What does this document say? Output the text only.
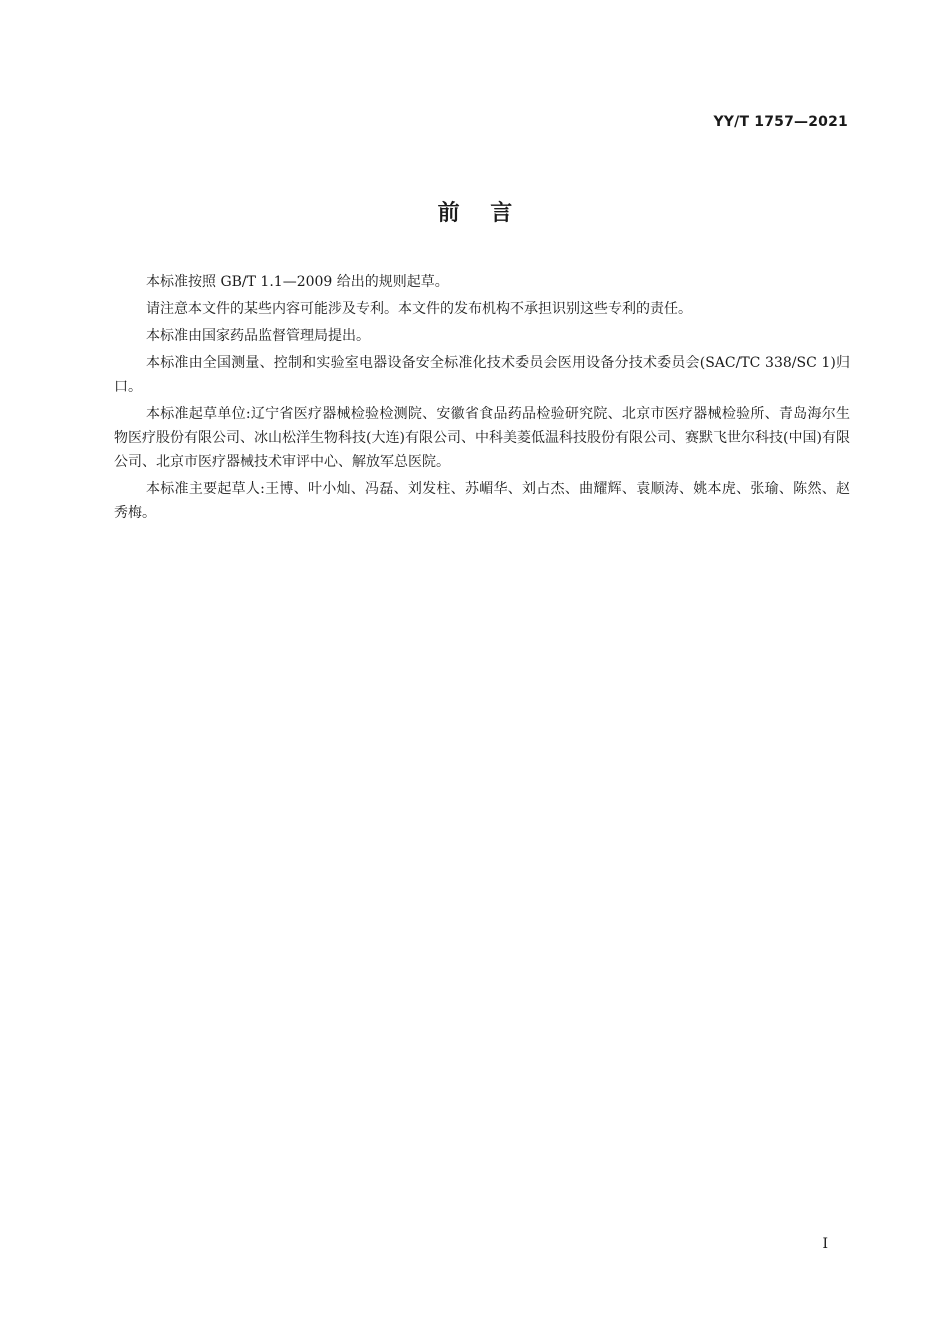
YY/T 1757—2021
前    言

本标准按照 GB/T 1.1—2009 给出的规则起草。

请注意本文件的某些内容可能涉及专利。本文件的发布机构不承担识别这些专利的责任。

本标准由国家药品监督管理局提出。

本标准由全国测量、控制和实验室电器设备安全标准化技术委员会医用设备分技术委员会(SAC/TC 338/SC 1)归口。

本标准起草单位:辽宁省医疗器械检验检测院、安徽省食品药品检验研究院、北京市医疗器械检验所、青岛海尔生物医疗股份有限公司、冰山松洋生物科技(大连)有限公司、中科美菱低温科技股份有限公司、赛默飞世尔科技(中国)有限公司、北京市医疗器械技术审评中心、解放军总医院。

本标准主要起草人:王博、叶小灿、冯磊、刘发柱、苏嵋华、刘占杰、曲耀辉、袁顺涛、姚本虎、张瑜、陈然、赵秀梅。

I
